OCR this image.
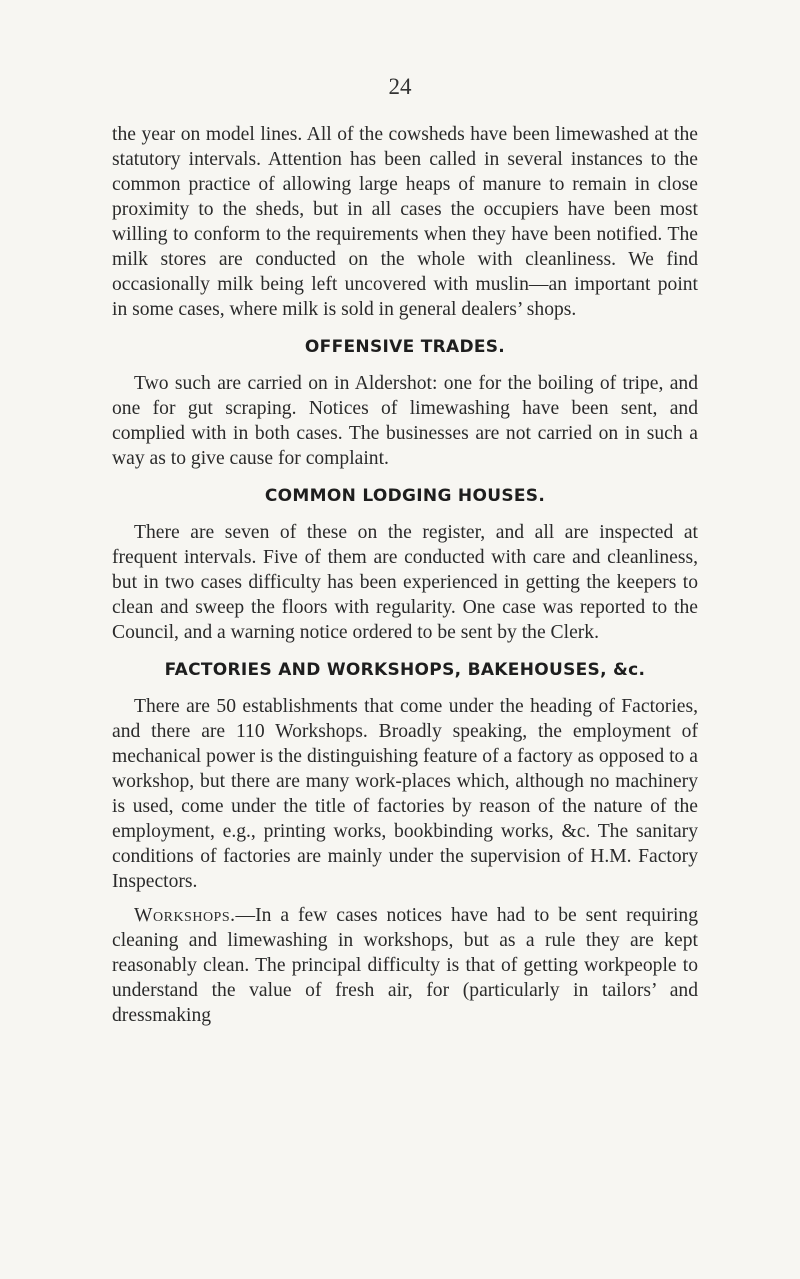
24

the year on model lines. All of the cowsheds have been limewashed at the statutory intervals. Attention has been called in several instances to the common practice of allowing large heaps of manure to remain in close proximity to the sheds, but in all cases the occupiers have been most willing to conform to the requirements when they have been notified. The milk stores are conducted on the whole with cleanliness. We find occasionally milk being left uncovered with muslin—an important point in some cases, where milk is sold in general dealers’ shops.

OFFENSIVE TRADES.

Two such are carried on in Aldershot: one for the boiling of tripe, and one for gut scraping. Notices of limewashing have been sent, and complied with in both cases. The businesses are not carried on in such a way as to give cause for complaint.

COMMON LODGING HOUSES.

There are seven of these on the register, and all are inspected at frequent intervals. Five of them are conducted with care and cleanliness, but in two cases difficulty has been experienced in getting the keepers to clean and sweep the floors with regularity. One case was reported to the Council, and a warning notice ordered to be sent by the Clerk.

FACTORIES AND WORKSHOPS, BAKEHOUSES, &c.

There are 50 establishments that come under the heading of Factories, and there are 110 Workshops. Broadly speaking, the employment of mechanical power is the distinguishing feature of a factory as opposed to a workshop, but there are many work-places which, although no machinery is used, come under the title of factories by reason of the nature of the employment, e.g., printing works, bookbinding works, &c. The sanitary conditions of factories are mainly under the supervision of H.M. Factory Inspectors.

Workshops.—In a few cases notices have had to be sent requiring cleaning and limewashing in workshops, but as a rule they are kept reasonably clean. The principal difficulty is that of getting workpeople to understand the value of fresh air, for (particularly in tailors’ and dressmaking
